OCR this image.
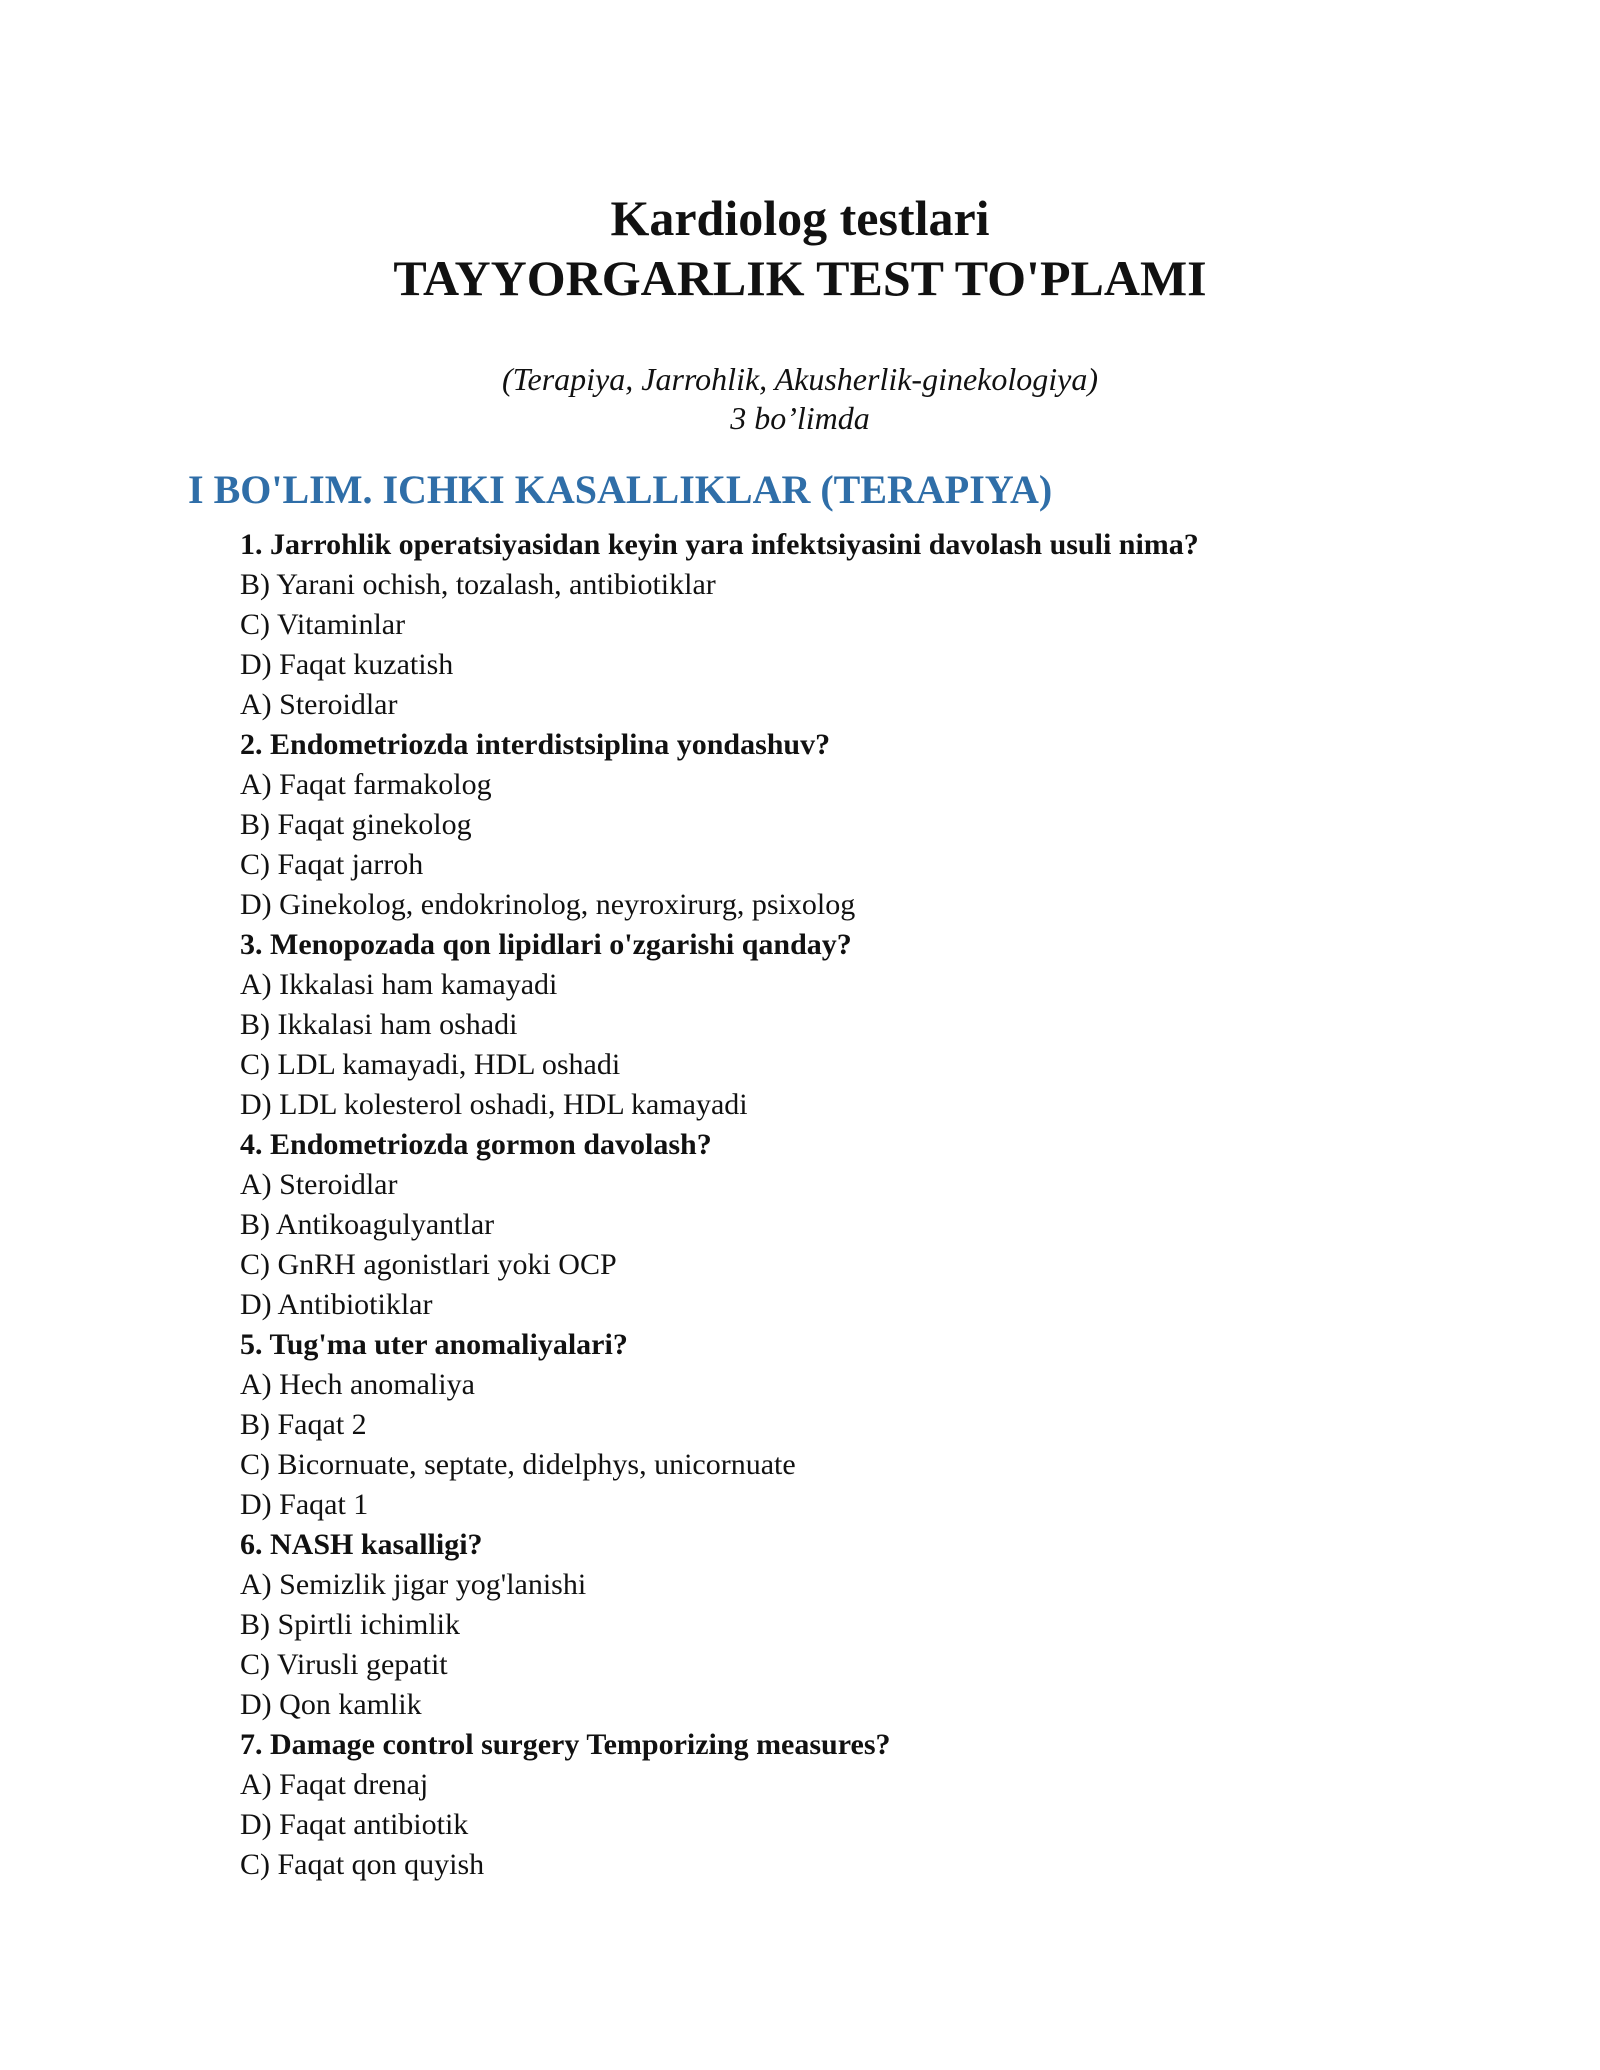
Kardiolog testlari

TAYYORGARLIK TEST TO'PLAMI

(Terapiya, Jarrohlik, Akusherlik-ginekologiya)

3 bo’limda

I BO'LIM. ICHKI KASALLIKLAR (TERAPIYA)
1. Jarrohlik operatsiyasidan keyin yara infektsiyasini davolash usuli nima?
B) Yarani ochish, tozalash, antibiotiklar
C) Vitaminlar
D) Faqat kuzatish
A) Steroidlar
2. Endometriozda interdistsiplina yondashuv?
A) Faqat farmakolog
B) Faqat ginekolog
C) Faqat jarroh
D) Ginekolog, endokrinolog, neyroxirurg, psixolog
3. Menopozada qon lipidlari o'zgarishi qanday?
A) Ikkalasi ham kamayadi
B) Ikkalasi ham oshadi
C) LDL kamayadi, HDL oshadi
D) LDL kolesterol oshadi, HDL kamayadi
4. Endometriozda gormon davolash?
A) Steroidlar
B) Antikoagulyantlar
C) GnRH agonistlari yoki OCP
D) Antibiotiklar
5. Tug'ma uter anomaliyalari?
A) Hech anomaliya
B) Faqat 2
C) Bicornuate, septate, didelphys, unicornuate
D) Faqat 1
6. NASH kasalligi?
A) Semizlik jigar yog'lanishi
B) Spirtli ichimlik
C) Virusli gepatit
D) Qon kamlik
7. Damage control surgery Temporizing measures?
A) Faqat drenaj
D) Faqat antibiotik
C) Faqat qon quyish
